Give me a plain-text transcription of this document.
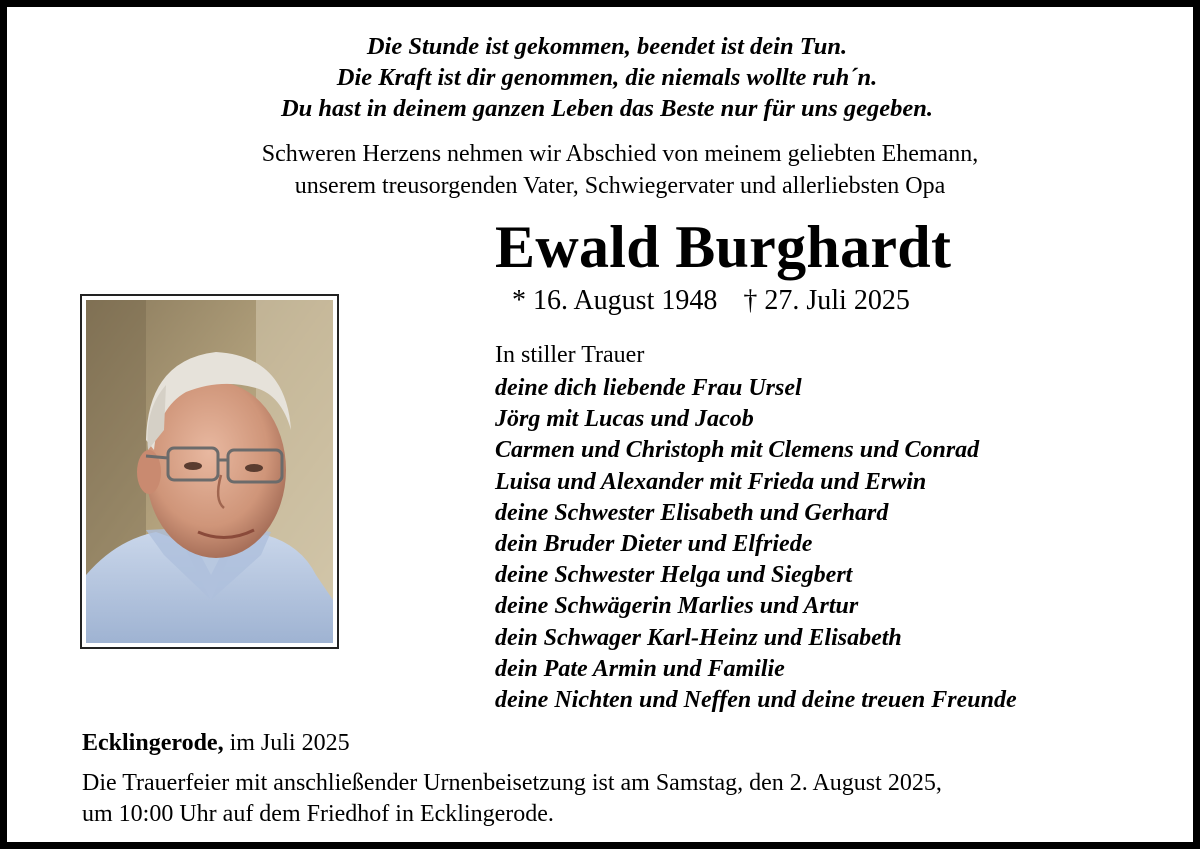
Die Stunde ist gekommen, beendet ist dein Tun.
Die Kraft ist dir genommen, die niemals wollte ruh´n.
Du hast in deinem ganzen Leben das Beste nur für uns gegeben.
Schweren Herzens nehmen wir Abschied von meinem geliebten Ehemann,
unserem treusorgenden Vater, Schwiegervater und allerliebsten Opa
Ewald Burghardt
* 16. August 1948 † 27. Juli 2025
In stiller Trauer
deine dich liebende Frau Ursel
Jörg mit Lucas und Jacob
Carmen und Christoph mit Clemens und Conrad
Luisa und Alexander mit Frieda und Erwin
deine Schwester Elisabeth und Gerhard
dein Bruder Dieter und Elfriede
deine Schwester Helga und Siegbert
deine Schwägerin Marlies und Artur
dein Schwager Karl-Heinz und Elisabeth
dein Pate Armin und Familie
deine Nichten und Neffen und deine treuen Freunde
Ecklingerode, im Juli 2025
Die Trauerfeier mit anschließender Urnenbeisetzung ist am Samstag, den 2. August 2025,
um 10:00 Uhr auf dem Friedhof in Ecklingerode.
